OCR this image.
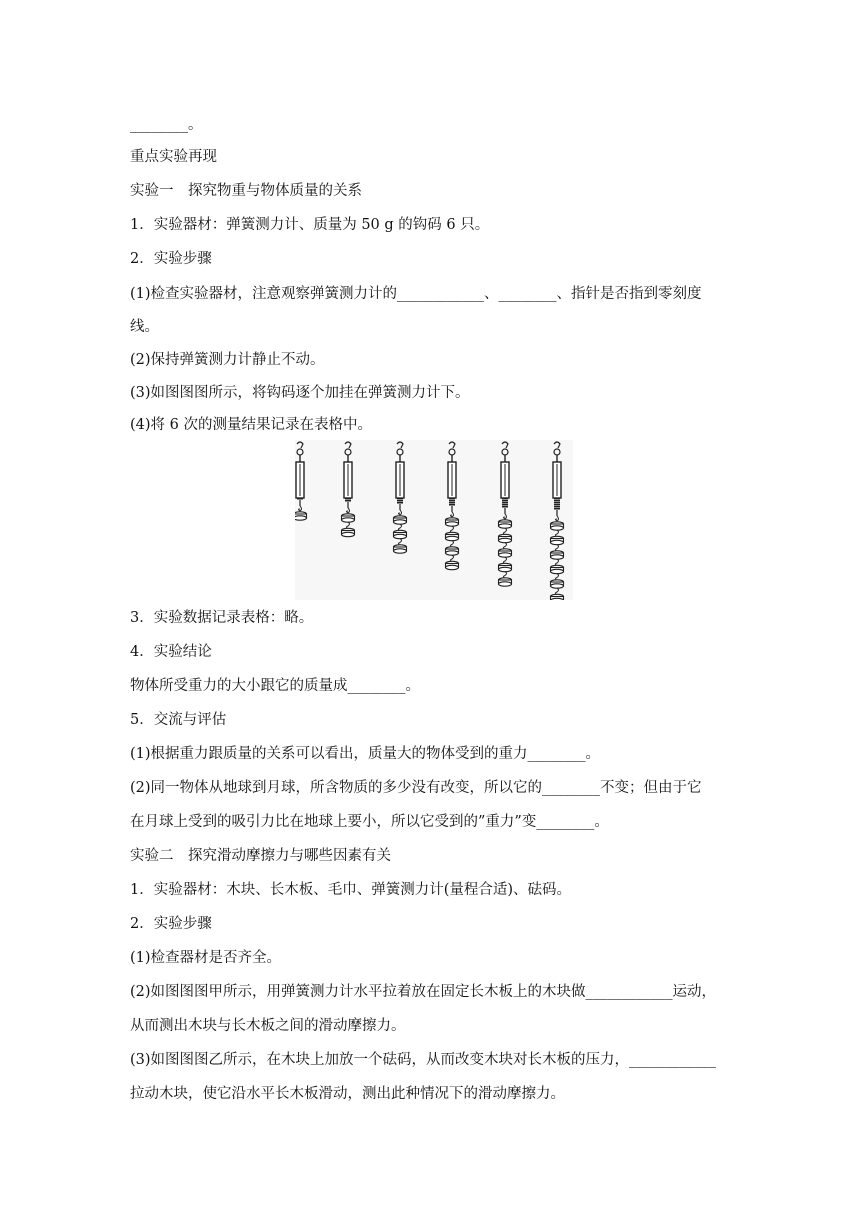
________。
重点实验再现
实验一　探究物重与物体质量的关系
1．实验器材：弹簧测力计、质量为 50 g 的钩码 6 只。
2．实验步骤
(1)检查实验器材，注意观察弹簧测力计的____________、________、指针是否指到零刻度
线。
(2)保持弹簧测力计静止不动。
(3)如图图图所示，将钩码逐个加挂在弹簧测力计下。
(4)将 6 次的测量结果记录在表格中。
3．实验数据记录表格：略。
4．实验结论
物体所受重力的大小跟它的质量成________。
5．交流与评估
(1)根据重力跟质量的关系可以看出，质量大的物体受到的重力________。
(2)同一物体从地球到月球，所含物质的多少没有改变，所以它的________不变；但由于它
在月球上受到的吸引力比在地球上要小，所以它受到的”重力”变________。
实验二　探究滑动摩擦力与哪些因素有关
1．实验器材：木块、长木板、毛巾、弹簧测力计(量程合适)、砝码。
2．实验步骤
(1)检查器材是否齐全。
(2)如图图图甲所示，用弹簧测力计水平拉着放在固定长木板上的木块做____________运动，
从而测出木块与长木板之间的滑动摩擦力。
(3)如图图图乙所示，在木块上加放一个砝码，从而改变木块对长木板的压力，____________
拉动木块，使它沿水平长木板滑动，测出此种情况下的滑动摩擦力。
